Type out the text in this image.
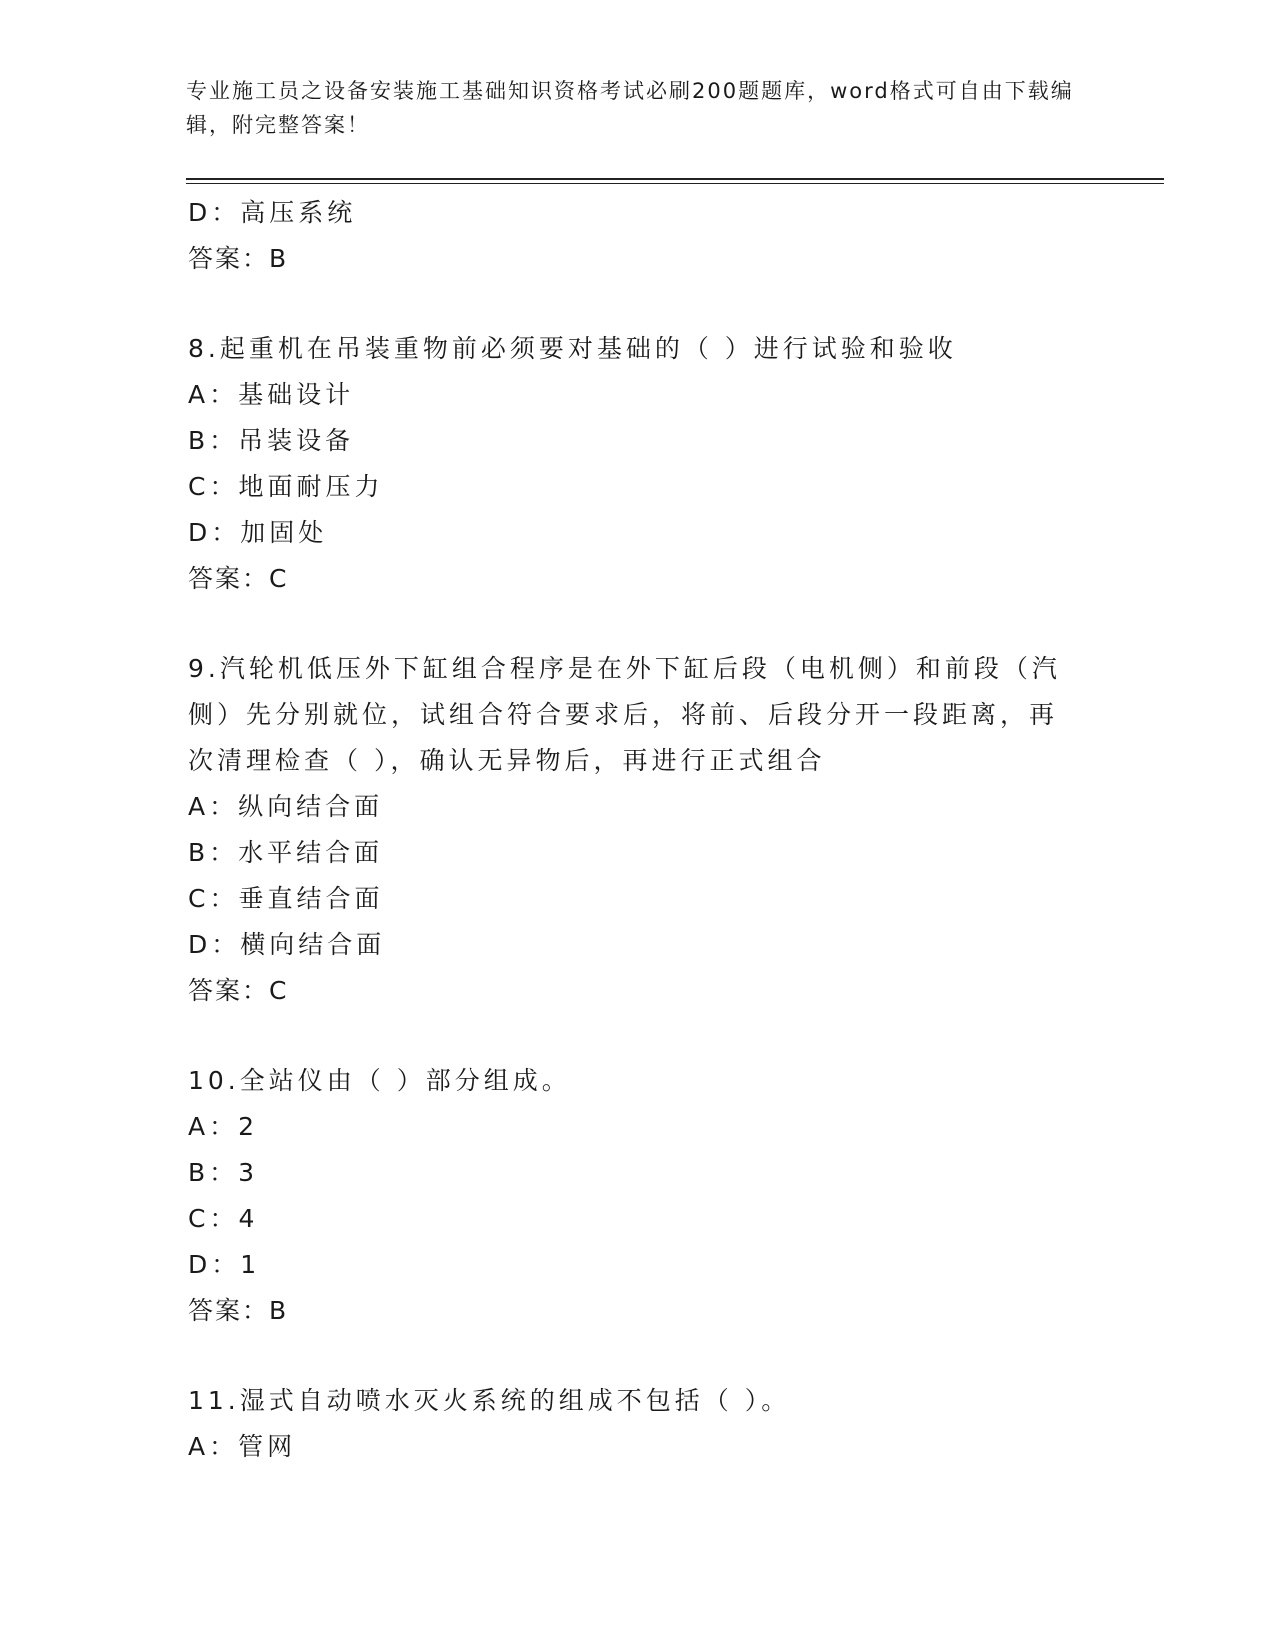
专业施工员之设备安装施工基础知识资格考试必刷200题题库，word格式可自由下载编辑，附完整答案！
D：高压系统
答案：B
8.起重机在吊装重物前必须要对基础的（ ）进行试验和验收
A：基础设计
B：吊装设备
C：地面耐压力
D：加固处
答案：C
9.汽轮机低压外下缸组合程序是在外下缸后段（电机侧）和前段（汽侧）先分别就位，试组合符合要求后，将前、后段分开一段距离，再次清理检查（ ），确认无异物后，再进行正式组合
A：纵向结合面
B：水平结合面
C：垂直结合面
D：横向结合面
答案：C
10.全站仪由（ ）部分组成。
A：2
B：3
C：4
D：1
答案：B
11.湿式自动喷水灭火系统的组成不包括（ ）。
A：管网
